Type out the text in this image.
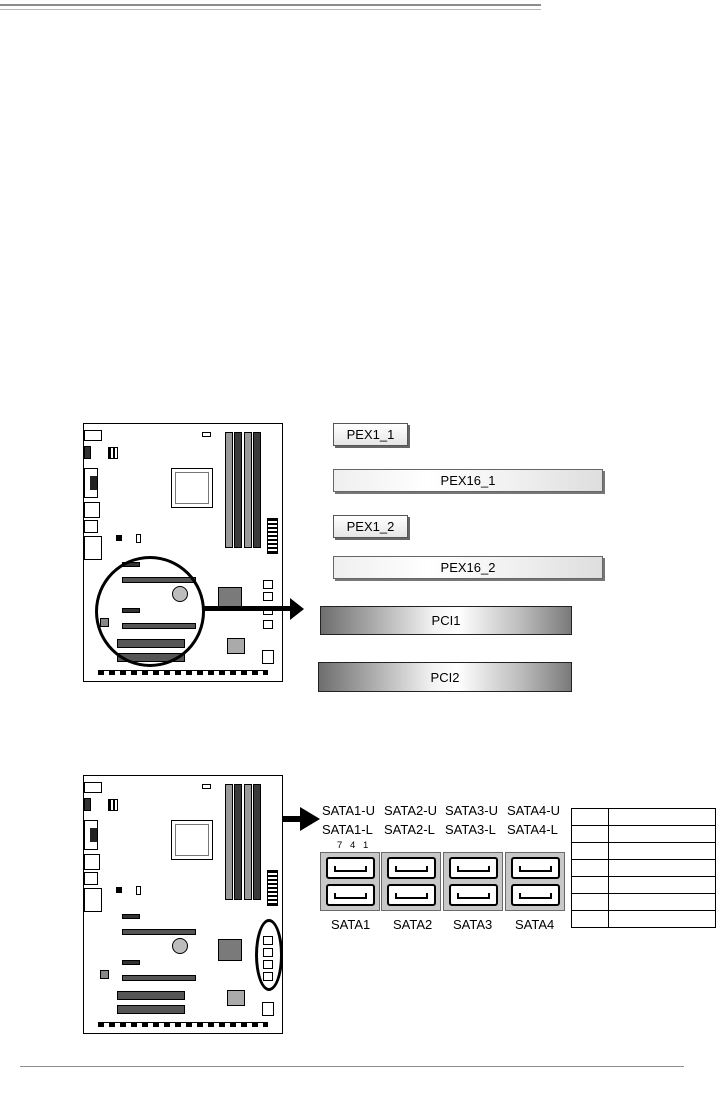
PEX1_1
PEX16_1
PEX1_2
PEX16_2
PCI1
PCI2
SATA1-U SATA2-U SATA3-U SATA4-U
SATA1-L SATA2-L SATA3-L SATA4-L
7 4 1
SATA1 SATA2 SATA3 SATA4
